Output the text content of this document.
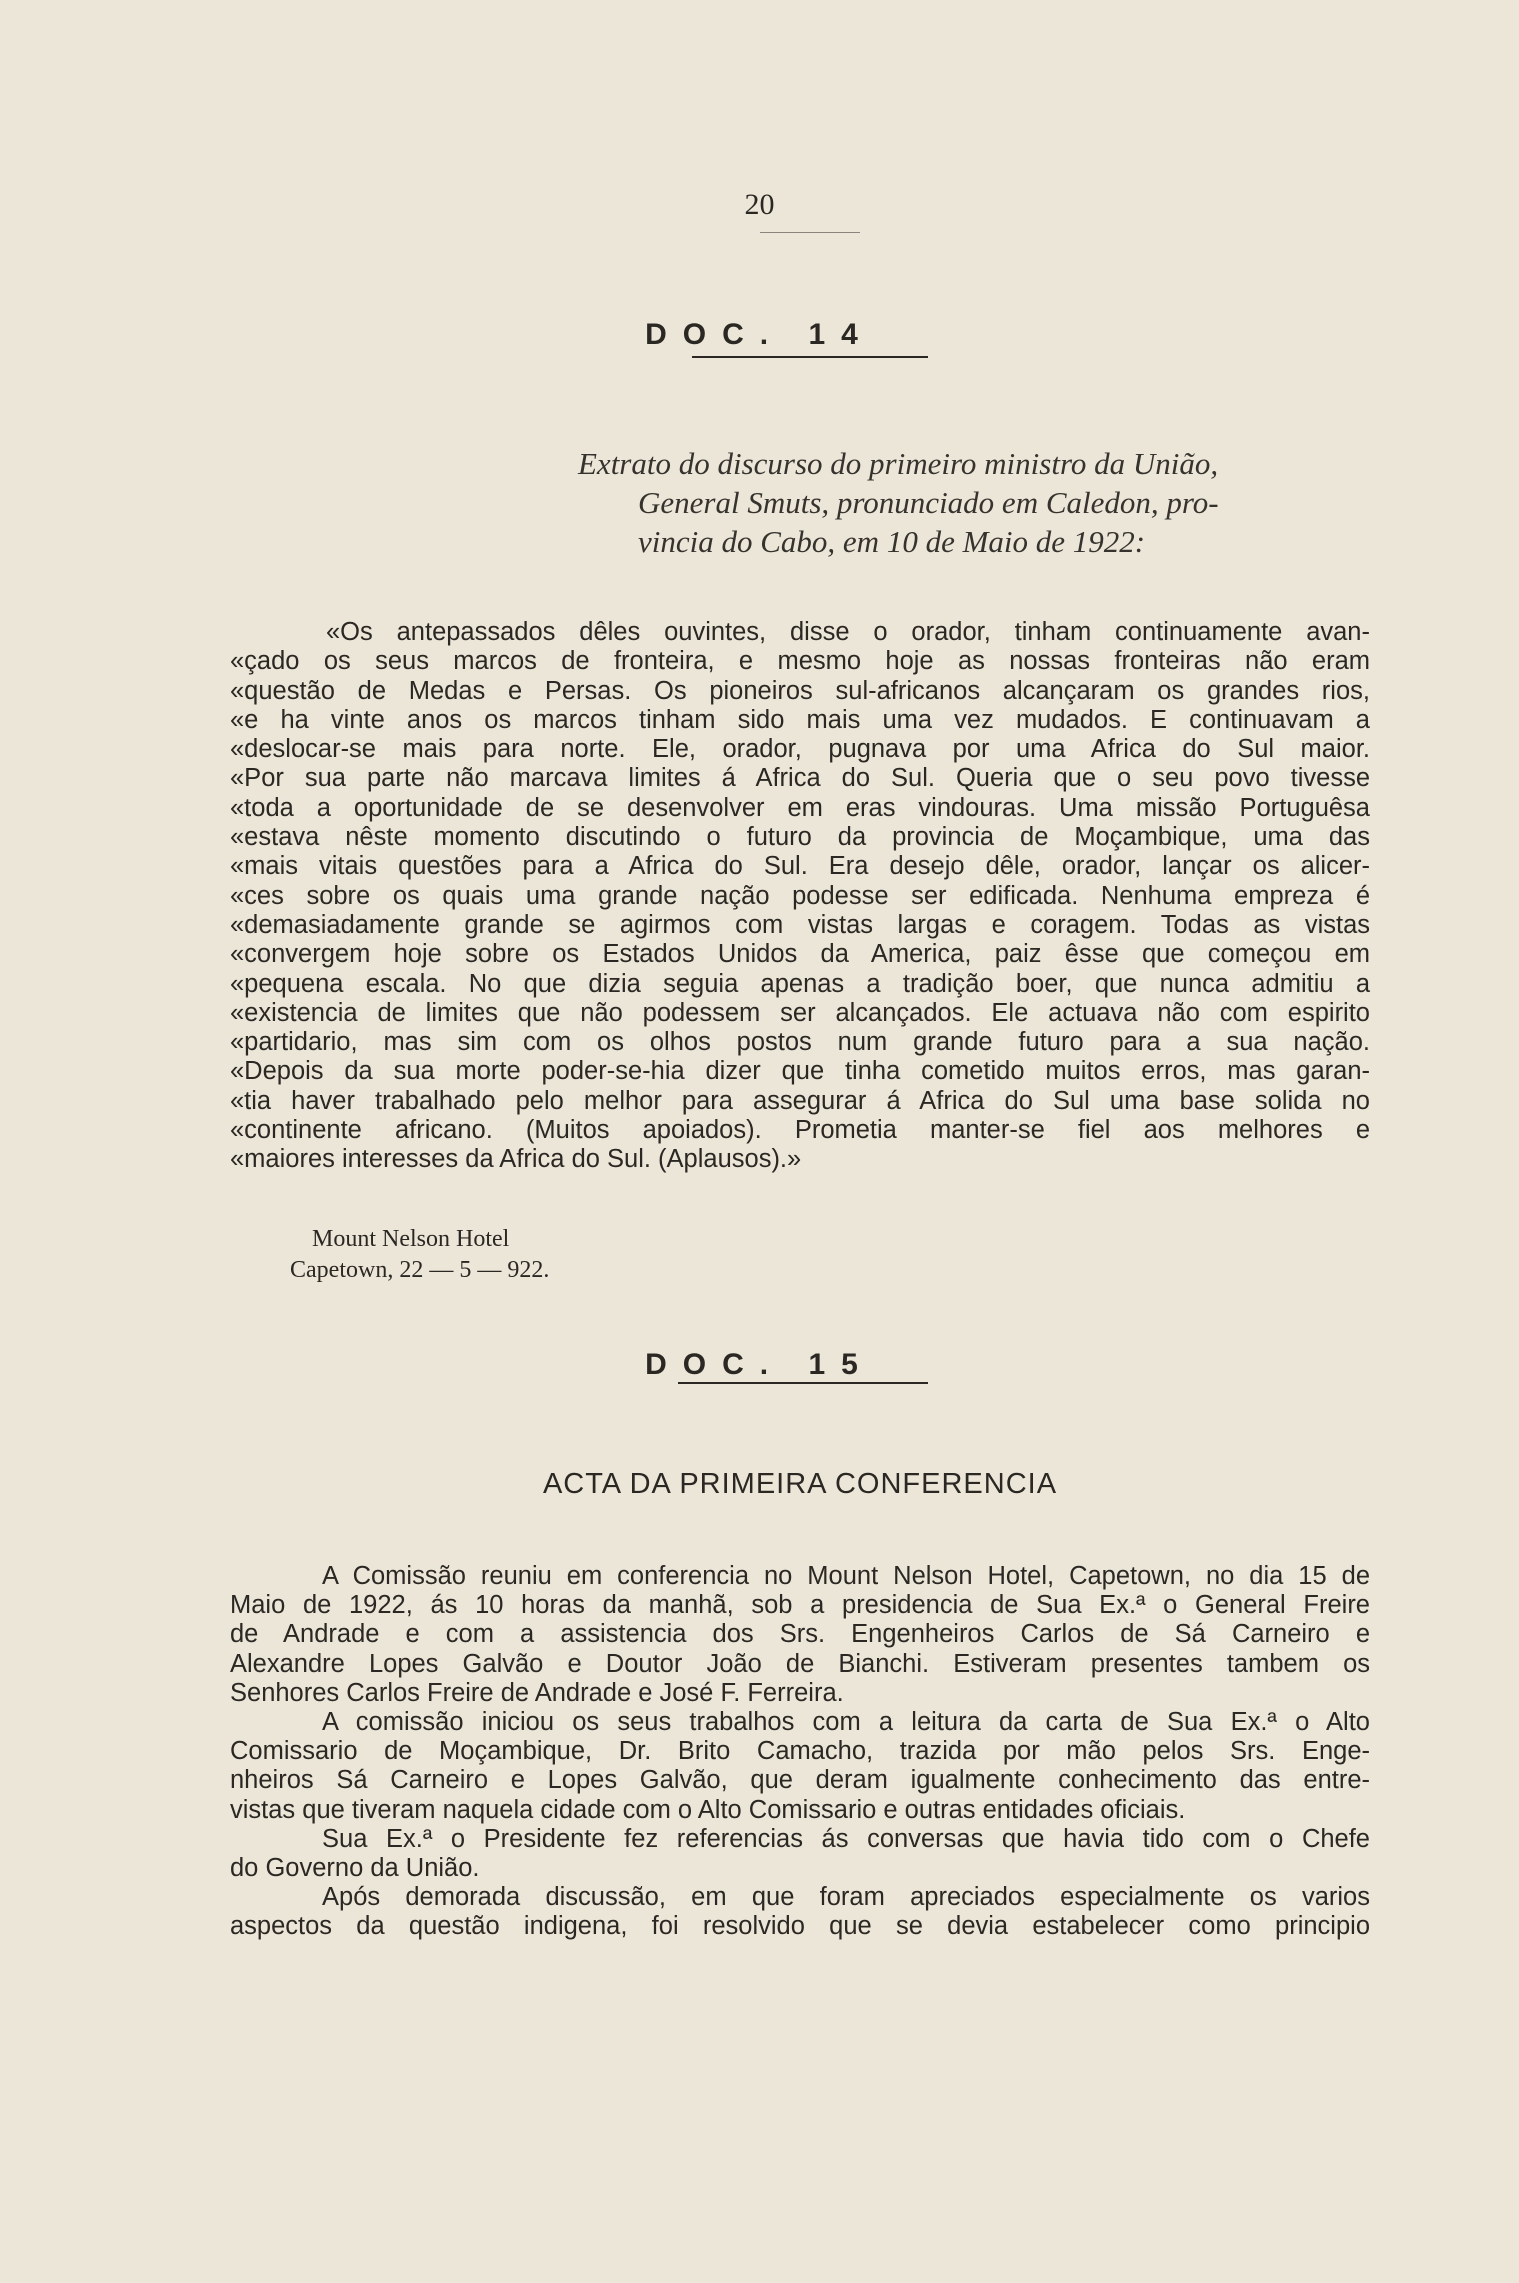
20
DOC. 14
Extrato do discurso do primeiro ministro da União,
General Smuts, pronunciado em Caledon, pro-
vincia do Cabo, em 10 de Maio de 1922:
«Os antepassados dêles ouvintes, disse o orador, tinham continuamente avan-
«çado os seus marcos de fronteira, e mesmo hoje as nossas fronteiras não eram
«questão de Medas e Persas. Os pioneiros sul-africanos alcançaram os grandes rios,
«e ha vinte anos os marcos tinham sido mais uma vez mudados. E continuavam a
«deslocar-se mais para norte. Ele, orador, pugnava por uma Africa do Sul maior.
«Por sua parte não marcava limites á Africa do Sul. Queria que o seu povo tivesse
«toda a oportunidade de se desenvolver em eras vindouras. Uma missão Portuguêsa
«estava nêste momento discutindo o futuro da provincia de Moçambique, uma das
«mais vitais questões para a Africa do Sul. Era desejo dêle, orador, lançar os alicer-
«ces sobre os quais uma grande nação podesse ser edificada. Nenhuma empreza é
«demasiadamente grande se agirmos com vistas largas e coragem. Todas as vistas
«convergem hoje sobre os Estados Unidos da America, paiz êsse que começou em
«pequena escala. No que dizia seguia apenas a tradição boer, que nunca admitiu a
«existencia de limites que não podessem ser alcançados. Ele actuava não com espirito
«partidario, mas sim com os olhos postos num grande futuro para a sua nação.
«Depois da sua morte poder-se-hia dizer que tinha cometido muitos erros, mas garan-
«tia haver trabalhado pelo melhor para assegurar á Africa do Sul uma base solida no
«continente africano. (Muitos apoiados). Prometia manter-se fiel aos melhores e
«maiores interesses da Africa do Sul. (Aplausos).»
Mount Nelson Hotel
Capetown, 22 — 5 — 922.
DOC. 15
ACTA DA PRIMEIRA CONFERENCIA
A Comissão reuniu em conferencia no Mount Nelson Hotel, Capetown, no dia 15 de
Maio de 1922, ás 10 horas da manhã, sob a presidencia de Sua Ex.ª o General Freire
de Andrade e com a assistencia dos Srs. Engenheiros Carlos de Sá Carneiro e
Alexandre Lopes Galvão e Doutor João de Bianchi. Estiveram presentes tambem os
Senhores Carlos Freire de Andrade e José F. Ferreira.
A comissão iniciou os seus trabalhos com a leitura da carta de Sua Ex.ª o Alto
Comissario de Moçambique, Dr. Brito Camacho, trazida por mão pelos Srs. Enge-
nheiros Sá Carneiro e Lopes Galvão, que deram igualmente conhecimento das entre-
vistas que tiveram naquela cidade com o Alto Comissario e outras entidades oficiais.
Sua Ex.ª o Presidente fez referencias ás conversas que havia tido com o Chefe
do Governo da União.
Após demorada discussão, em que foram apreciados especialmente os varios
aspectos da questão indigena, foi resolvido que se devia estabelecer como principio
